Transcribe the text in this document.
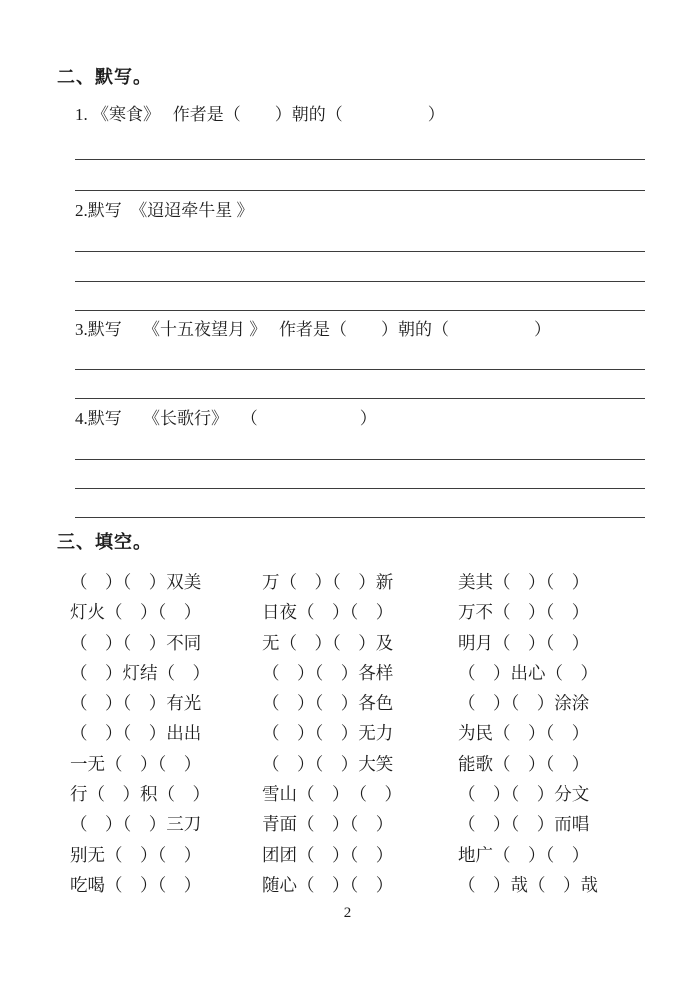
二、默写。

1. 《寒食》　 作者是（　　）朝的（　　　　　）

2.默写　《迢迢牵牛星 》

3.默写　 《十五夜望月 》　 作者是（　　）朝的（　　　　　）

4.默写　 《长歌行》　 （　　　　　　）

三、填空。
（　）（　）双美	万（　）（　）新	美其（　）（　）
灯火（　）（　）	日夜（　）（　）	万不（　）（　）
（　）（　）不同	无（　）（　）及	明月（　）（　）
（　）灯结（　）	（　）（　）各样	（　）出心（　）
（　）（　）有光	（　）（　）各色	（　）（　）涂涂
（　）（　）出出	（　）（　）无力	为民（　）（　）
一无（　）（　）	（　）（　）大笑	能歌（　）（　）
行（　）积（　）	雪山（　）　（　）	（　）（　）分文
（　）（　）三刀	青面（　）（　）	（　）（　）而唱
别无（　）（　）	团团（　）（　）	地广（　）（　）
吃喝（　）（　）	随心（　）（　）	（　）哉（　）哉
2
